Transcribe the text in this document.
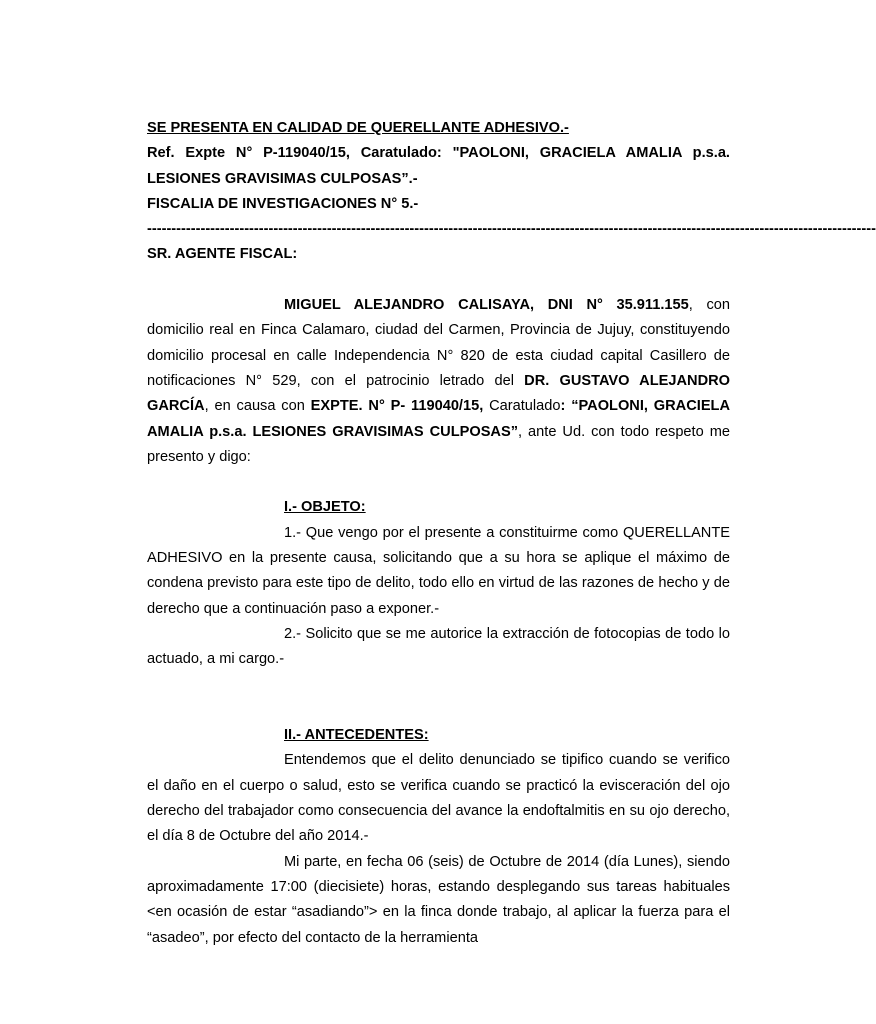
SE PRESENTA EN CALIDAD DE QUERELLANTE ADHESIVO.-

Ref. Expte N° P-119040/15, Caratulado: "PAOLONI, GRACIELA AMALIA p.s.a.

LESIONES GRAVISIMAS CULPOSAS”.-

FISCALIA DE INVESTIGACIONES N° 5.-

------------------------------------------------------------------------------------------------------------------------------------------------------

SR. AGENTE FISCAL:

MIGUEL ALEJANDRO CALISAYA, DNI N° 35.911.155, con domicilio real en Finca Calamaro, ciudad del Carmen, Provincia de Jujuy, constituyendo domicilio procesal en calle Independencia N° 820 de esta ciudad capital Casillero de notificaciones N° 529, con el patrocinio letrado del DR. GUSTAVO ALEJANDRO GARCÍA, en causa con EXPTE. N° P- 119040/15, Caratulado: “PAOLONI, GRACIELA AMALIA p.s.a. LESIONES GRAVISIMAS CULPOSAS”, ante Ud. con todo respeto me presento y digo:

I.- OBJETO:

1.- Que vengo por el presente a constituirme como QUERELLANTE ADHESIVO en la presente causa, solicitando que a su hora se aplique el máximo de condena previsto para este tipo de delito, todo ello en virtud de las razones de hecho y de derecho que a continuación paso a exponer.-

2.- Solicito que se me autorice la extracción de fotocopias de todo lo actuado, a mi cargo.-

II.- ANTECEDENTES:

Entendemos que el delito denunciado se tipifico cuando se verifico el daño en el cuerpo o salud, esto se verifica cuando se practicó la evisceración del ojo derecho del trabajador como consecuencia del avance la endoftalmitis en su ojo derecho, el día 8 de Octubre del año 2014.-

Mi parte, en fecha 06 (seis) de Octubre de 2014 (día Lunes), siendo aproximadamente 17:00 (diecisiete) horas, estando desplegando sus tareas habituales <en ocasión de estar “asadiando”> en la finca donde trabajo, al aplicar la fuerza para el “asadeo”, por efecto del contacto de la herramienta
